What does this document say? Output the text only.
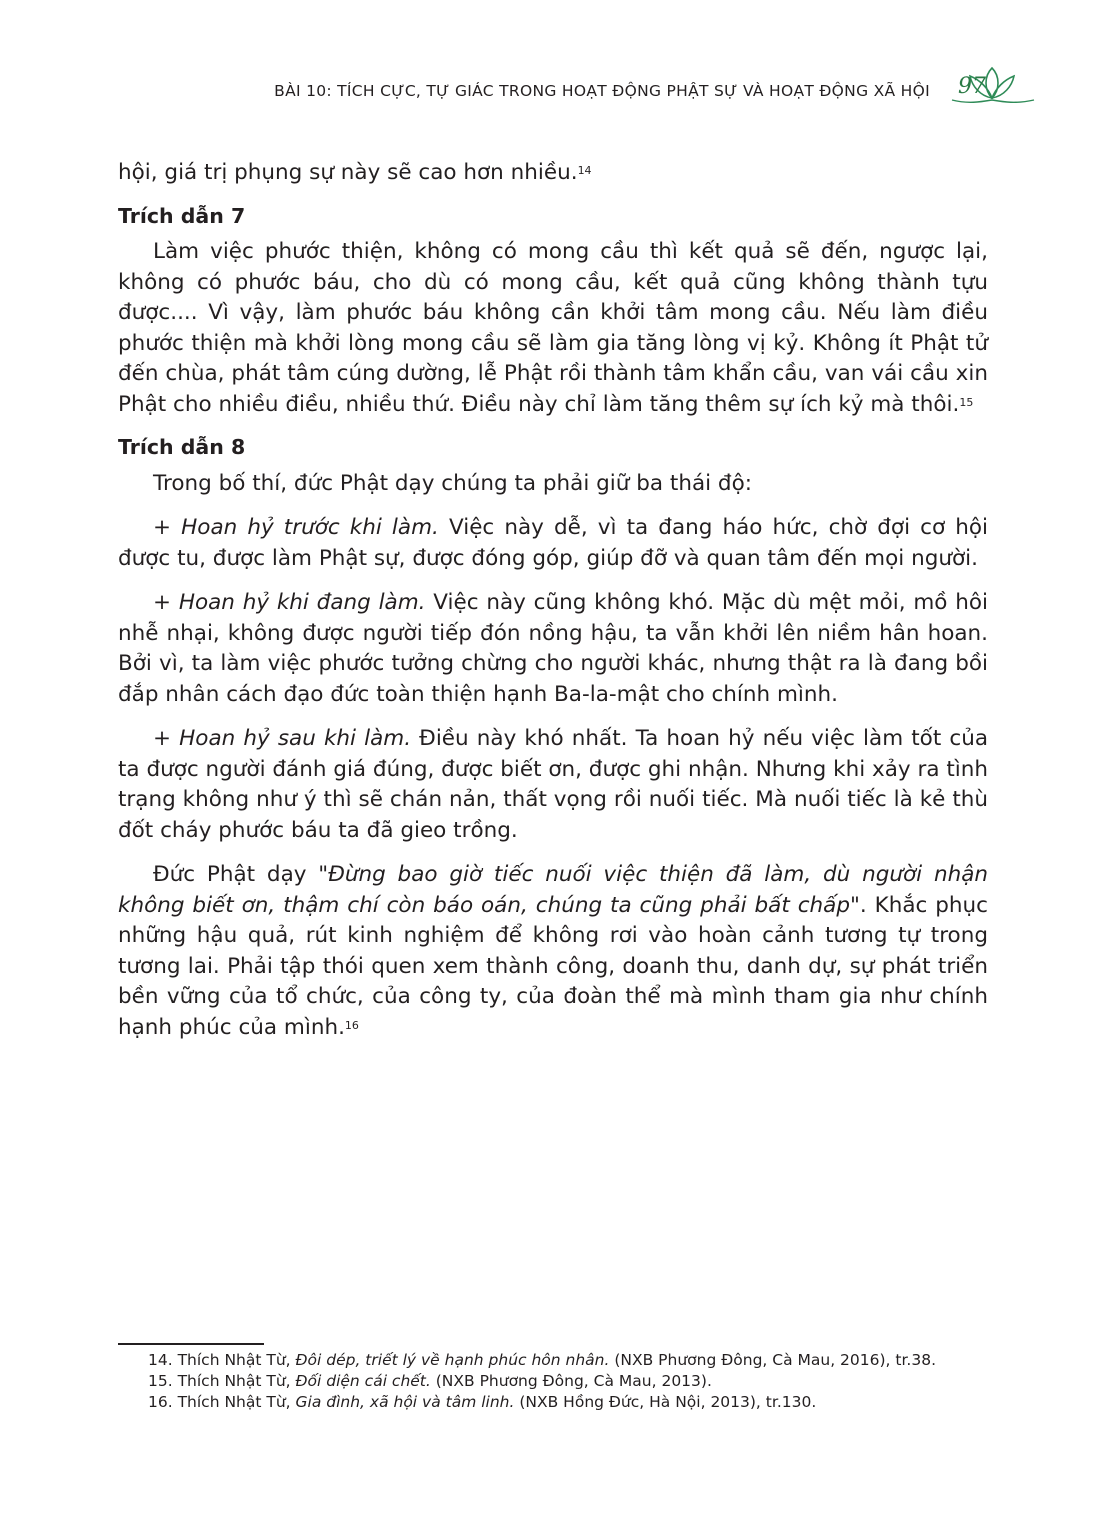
BÀI 10: TÍCH CỰC, TỰ GIÁC TRONG HOẠT ĐỘNG PHẬT SỰ VÀ HOẠT ĐỘNG XÃ HỘI 97

hội, giá trị phụng sự này sẽ cao hơn nhiều.$^{14}$

Trích dẫn 7

Làm việc phước thiện, không có mong cầu thì kết quả sẽ đến, ngược lại, không có phước báu, cho dù có mong cầu, kết quả cũng không thành tựu được.... Vì vậy, làm phước báu không cần khởi tâm mong cầu. Nếu làm điều phước thiện mà khởi lòng mong cầu sẽ làm gia tăng lòng vị kỷ. Không ít Phật tử đến chùa, phát tâm cúng dường, lễ Phật rồi thành tâm khẩn cầu, van vái cầu xin Phật cho nhiều điều, nhiều thứ. Điều này chỉ làm tăng thêm sự ích kỷ mà thôi.$^{15}$

Trích dẫn 8

Trong bố thí, đức Phật dạy chúng ta phải giữ ba thái độ:

+ Hoan hỷ trước khi làm. Việc này dễ, vì ta đang háo hức, chờ đợi cơ hội được tu, được làm Phật sự, được đóng góp, giúp đỡ và quan tâm đến mọi người.

+ Hoan hỷ khi đang làm. Việc này cũng không khó. Mặc dù mệt mỏi, mồ hôi nhễ nhại, không được người tiếp đón nồng hậu, ta vẫn khởi lên niềm hân hoan. Bởi vì, ta làm việc phước tưởng chừng cho người khác, nhưng thật ra là đang bồi đắp nhân cách đạo đức toàn thiện hạnh Ba-la-mật cho chính mình.

+ Hoan hỷ sau khi làm. Điều này khó nhất. Ta hoan hỷ nếu việc làm tốt của ta được người đánh giá đúng, được biết ơn, được ghi nhận. Nhưng khi xảy ra tình trạng không như ý thì sẽ chán nản, thất vọng rồi nuối tiếc. Mà nuối tiếc là kẻ thù đốt cháy phước báu ta đã gieo trồng.

Đức Phật dạy "Đừng bao giờ tiếc nuối việc thiện đã làm, dù người nhận không biết ơn, thậm chí còn báo oán, chúng ta cũng phải bất chấp". Khắc phục những hậu quả, rút kinh nghiệm để không rơi vào hoàn cảnh tương tự trong tương lai. Phải tập thói quen xem thành công, doanh thu, danh dự, sự phát triển bền vững của tổ chức, của công ty, của đoàn thể mà mình tham gia như chính hạnh phúc của mình.$^{16}$

14. Thích Nhật Từ, Đôi dép, triết lý về hạnh phúc hôn nhân. (NXB Phương Đông, Cà Mau, 2016), tr.38.

15. Thích Nhật Từ, Đối diện cái chết. (NXB Phương Đông, Cà Mau, 2013).

16. Thích Nhật Từ, Gia đình, xã hội và tâm linh. (NXB Hồng Đức, Hà Nội, 2013), tr.130.
